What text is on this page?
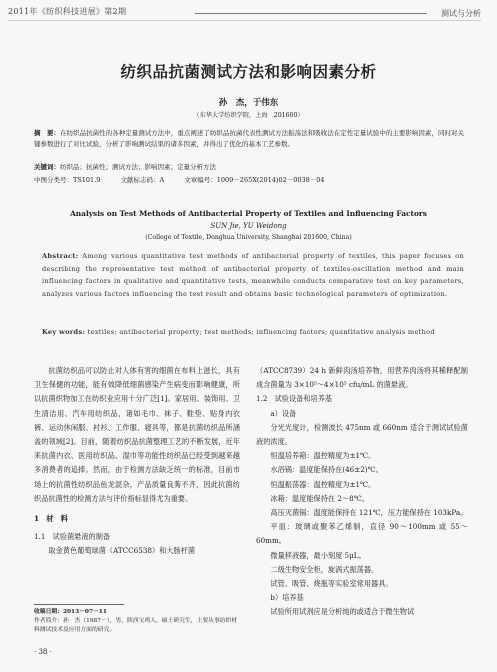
2011年《纺织科技进展》第2期	测试与分析
纺织品抗菌测试方法和影响因素分析
孙　杰，于伟东
（东华大学纺织学院，上海　201600）
摘　要：在纺织品抗菌性的各种定量测试方法中，重点阐述了纺织品抗菌代表性测试方法振荡法和吸收法在定性定量试验中的主要影响因素，同时对关键参数进行了对比试验，分析了影响测试结果的诸多因素，并得出了优化的基本工艺参数。
关键词：纺织品；抗菌性；测试方法；影响因素；定量分析方法
中图分类号：TS101.9	文献标志码：A	文章编号：1009－265X(2014)02－0038－04
Analysis on Test Methods of Antibacterial Property of Textiles and Influencing Factors
SUN Jie, YU Weidong
(College of Textile, Donghua University, Shanghai 201600, China)
Abstract: Among various quantitative test methods of antibacterial property of textiles, this paper focuses on describing the representative test method of antibacterial property of textiles-oscillation method and main influencing factors in qualitative and quantitative tests, meanwhile conducts comparative test on key parameters, analyzes various factors influencing the test result and obtains basic technological parameters of optimization.
Key words: textiles; antibacterial property; test methods; influencing factors; quantitative analysis method

抗菌纺织品可以防止对人体有害的细菌在布料上滋长，具有卫生保健的功能，能有效降低细菌感染产生病变而影响健康，所以抗菌织物加工在纺织业应用十分广泛[1]。家居用、装饰用、卫生清洁用、汽车用纺织品，诸如毛巾、袜子、鞋垫、贴身内衣裤、运动休闲服、衬衫、工作服、寝具等，都是抗菌纺织品所涵盖的领域[2]。目前，随着纺织品抗菌整理工艺的不断发展，近年来抗菌内衣、医用纺织品、湿巾等功能性纺织品已经受到越来越多消费者的追捧。然而，由于检测方法缺乏统一的标准，目前市场上的抗菌性纺织品鱼龙混杂，产品质量良莠不齐，因此抗菌纺织品抗菌性的检测方法与评价指标显得尤为重要。

1　材　料

1.1　试验菌悬液的制备

取金黄色葡萄球菌（ATCC6538）和大肠杆菌

（ATCC8739）24 h 新鲜肉汤培养物，用营养肉汤将其稀释配制成含菌量为 3×10⁵～4×10⁵ cfu/mL 的菌悬液。

1.2　试验设备和培养基

a）设备

分光光度计，检测波长 475nm 或 660nm 适合于测试试验菌液的浓度。

恒温培养箱：温控精度为±1℃。

水浴锅：温度能保持在(46±2)℃。

恒温振荡器：温控精度为±1℃。

冰箱：温度能保持在 2～8℃。

高压灭菌锅：温度能保持在 121℃，压力能保持在 103kPa。

平皿：玻璃或聚苯乙烯制，直径 90～100mm 或 55～60mm。

微量移液器，最小刻度 5μL。

二级生物安全柜，旋涡式振荡器。

试管、吸管、烧瓶等实验室常用器具。

b）培养基

试验所用试剂应是分析纯的或适合于微生物试

收稿日期：2013－07－11
作者简介：孙　杰（1987－），男，陕西宝鸡人，硕士研究生，主要从事纺织材料测试技术及应用方面的研究。
· 38 ·
